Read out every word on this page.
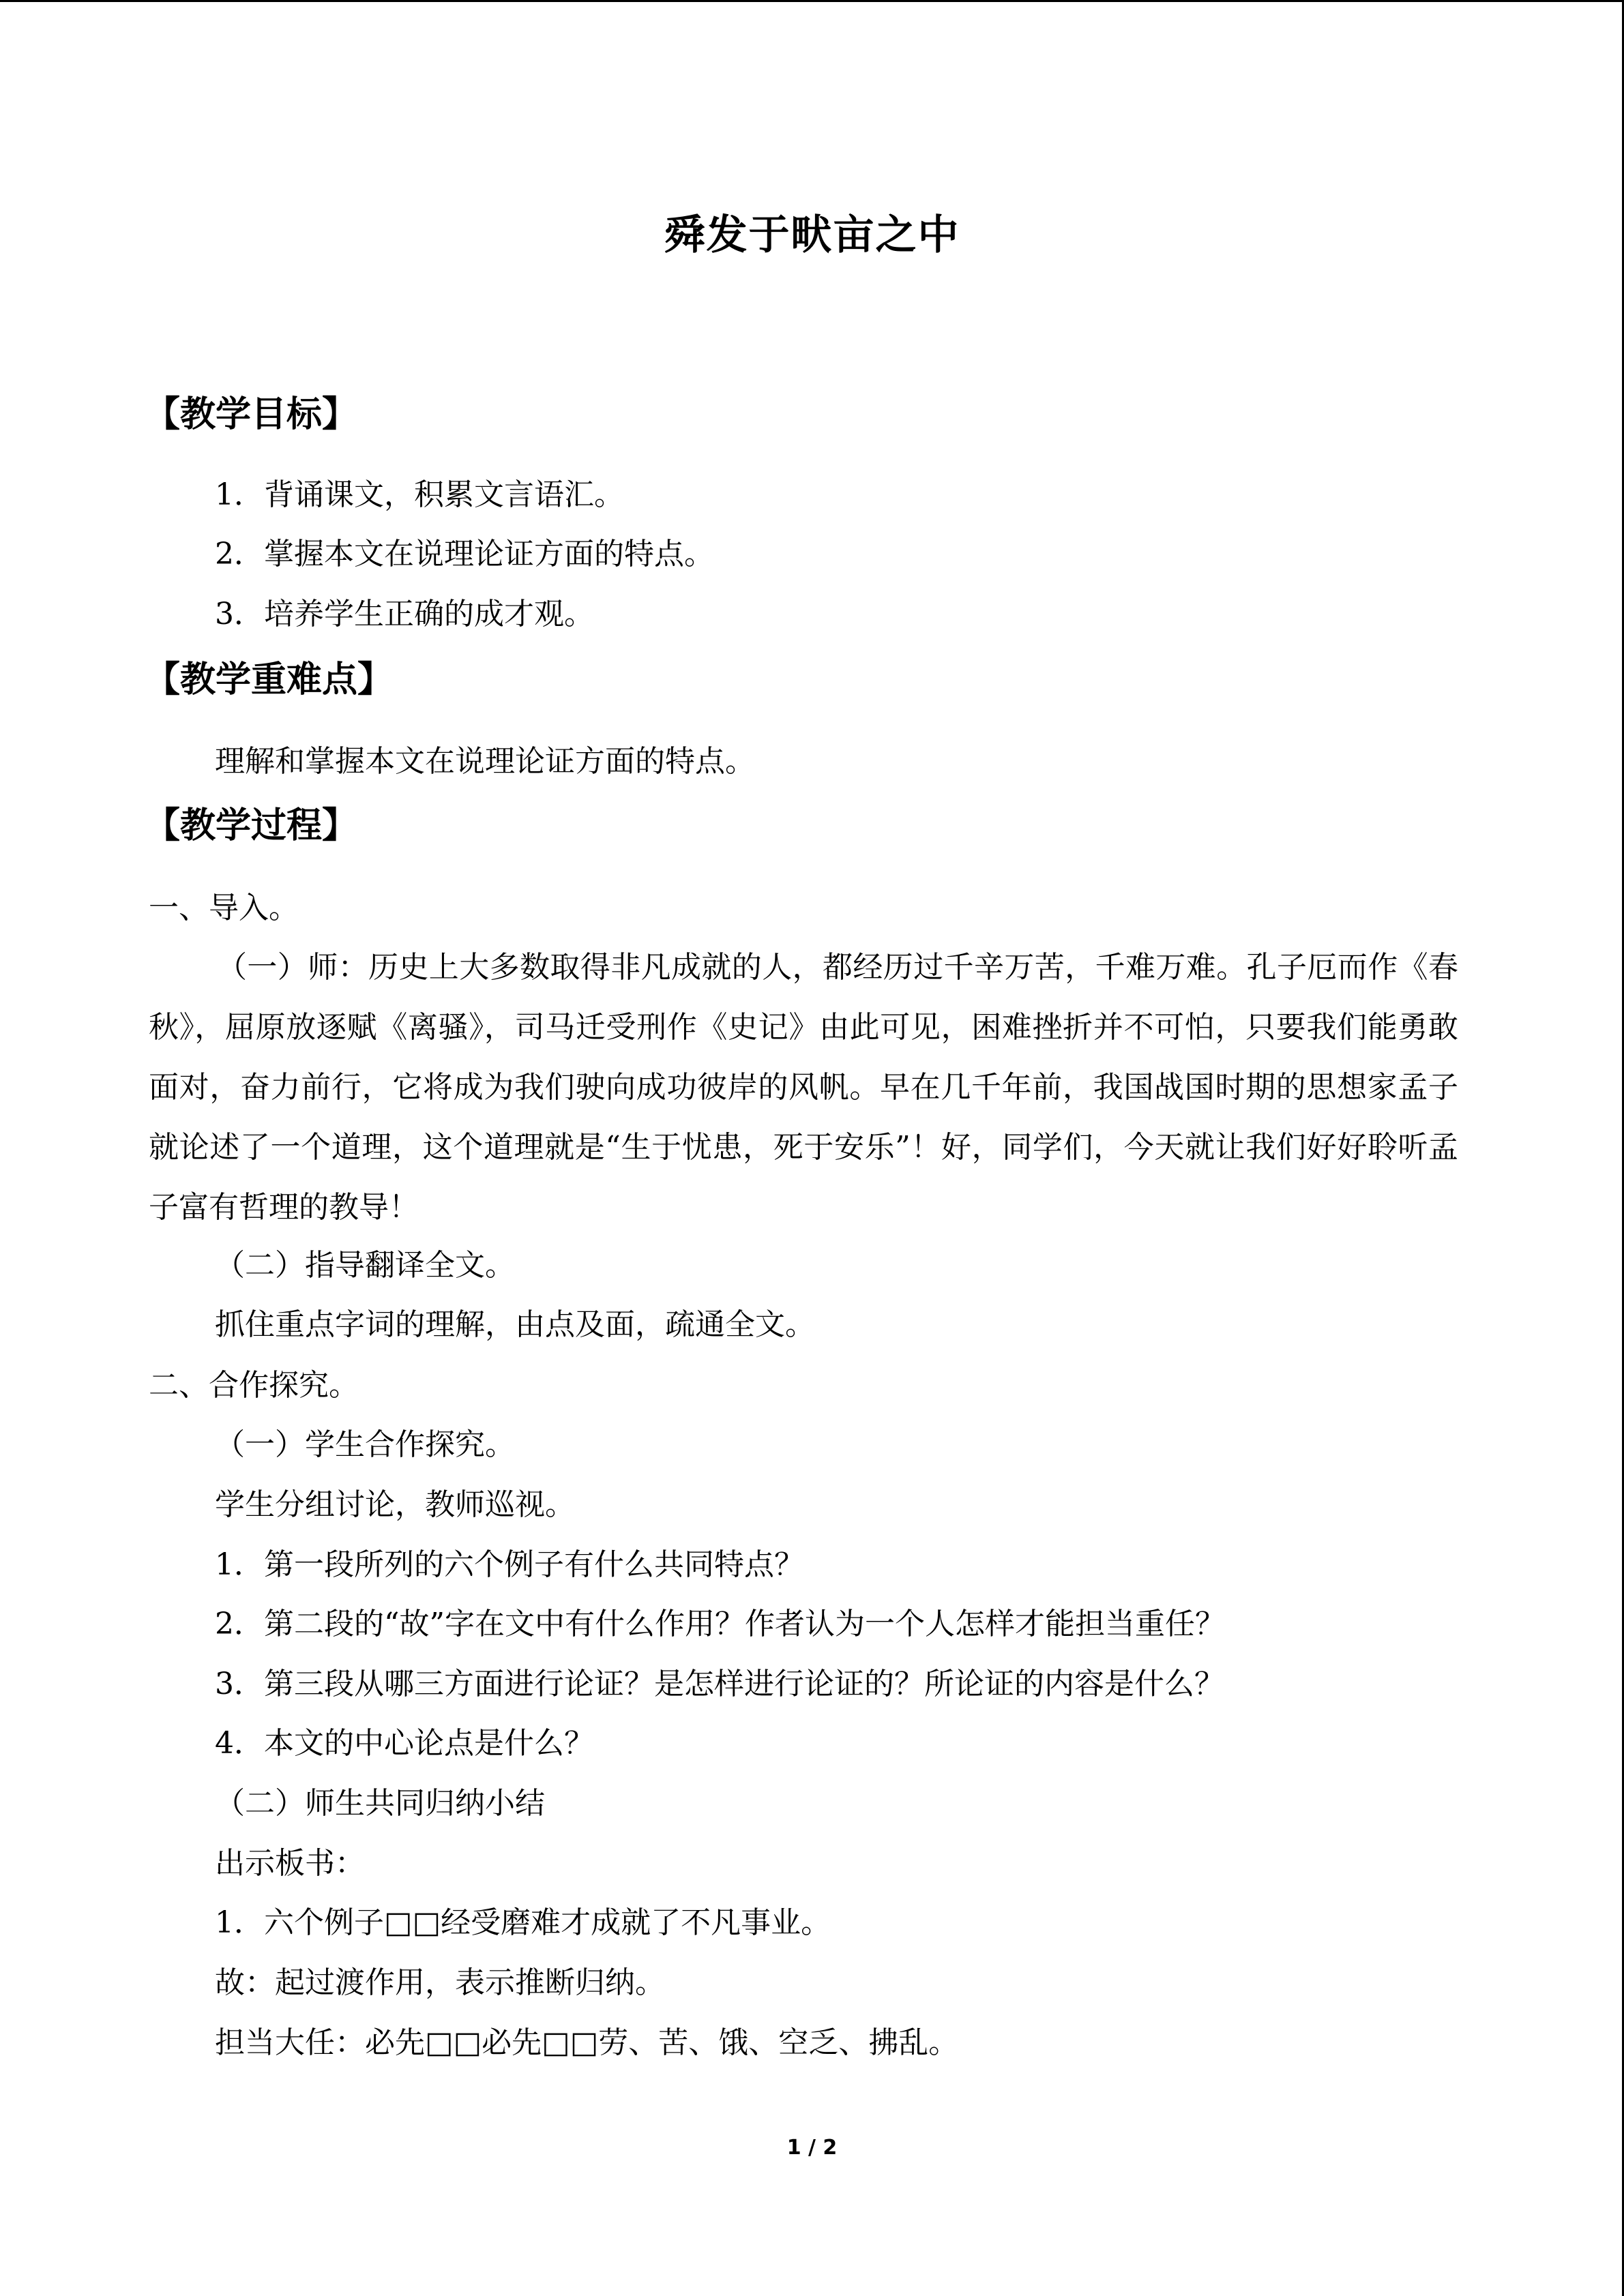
舜发于畎亩之中
【教学目标】
1．背诵课文，积累文言语汇。
2．掌握本文在说理论证方面的特点。
3．培养学生正确的成才观。
【教学重难点】
理解和掌握本文在说理论证方面的特点。
【教学过程】
一、导入。
（一）师：历史上大多数取得非凡成就的人，都经历过千辛万苦，千难万难。孔子厄而作《春秋》，屈原放逐赋《离骚》，司马迁受刑作《史记》由此可见，困难挫折并不可怕，只要我们能勇敢面对，奋力前行，它将成为我们驶向成功彼岸的风帆。早在几千年前，我国战国时期的思想家孟子就论述了一个道理，这个道理就是“生于忧患，死于安乐”！好，同学们，今天就让我们好好聆听孟子富有哲理的教导！
（二）指导翻译全文。
抓住重点字词的理解，由点及面，疏通全文。
二、合作探究。
（一）学生合作探究。
学生分组讨论，教师巡视。
1．第一段所列的六个例子有什么共同特点？
2．第二段的“故”字在文中有什么作用？作者认为一个人怎样才能担当重任？
3．第三段从哪三方面进行论证？是怎样进行论证的？所论证的内容是什么？
4．本文的中心论点是什么？
（二）师生共同归纳小结
出示板书：
1．六个例子□□经受磨难才成就了不凡事业。
故：起过渡作用，表示推断归纳。
担当大任：必先□□必先□□劳、苦、饿、空乏、拂乱。
1 / 2
